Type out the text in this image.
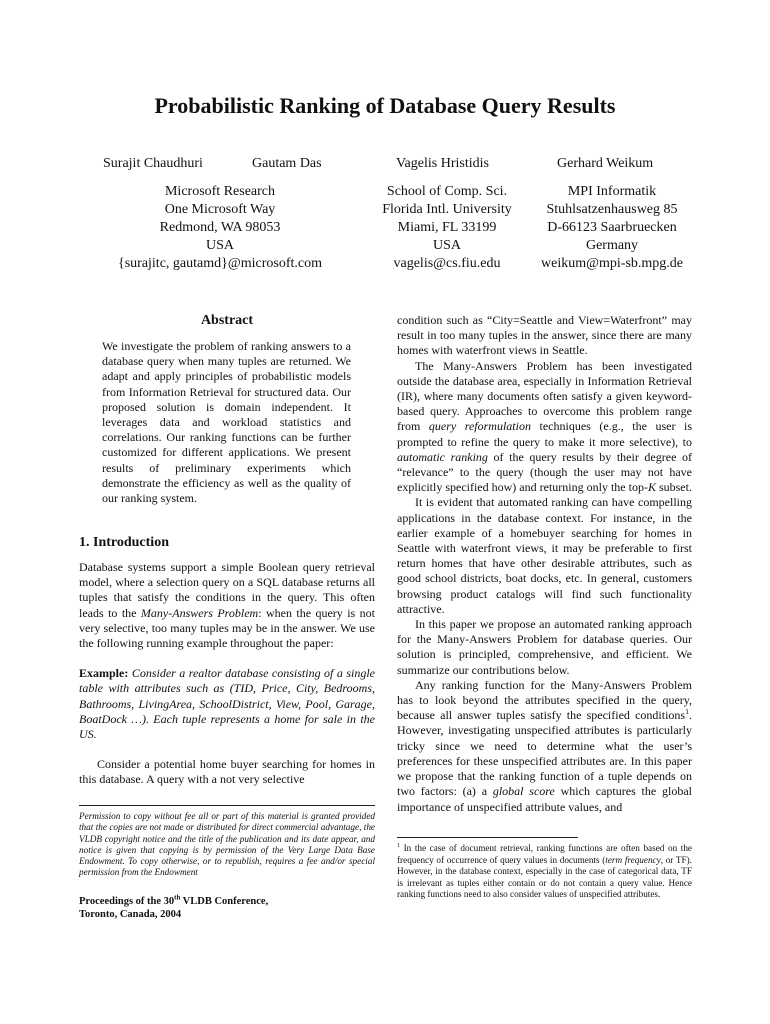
Probabilistic Ranking of Database Query Results
Surajit Chaudhuri	Gautam Das	Vagelis Hristidis	Gerhard Weikum
Microsoft Research
One Microsoft Way
Redmond, WA 98053
USA
{surajitc, gautamd}@microsoft.com
School of Comp. Sci.
Florida Intl. University
Miami, FL 33199
USA
vagelis@cs.fiu.edu
MPI Informatik
Stuhlsatzenhausweg 85
D-66123 Saarbruecken
Germany
weikum@mpi-sb.mpg.de
Abstract
We investigate the problem of ranking answers to a database query when many tuples are returned. We adapt and apply principles of probabilistic models from Information Retrieval for structured data. Our proposed solution is domain independent. It leverages data and workload statistics and correlations. Our ranking functions can be further customized for different applications. We present results of preliminary experiments which demonstrate the efficiency as well as the quality of our ranking system.
1. Introduction

Database systems support a simple Boolean query retrieval model, where a selection query on a SQL database returns all tuples that satisfy the conditions in the query. This often leads to the Many-Answers Problem: when the query is not very selective, too many tuples may be in the answer. We use the following running example throughout the paper:

Example: Consider a realtor database consisting of a single table with attributes such as (TID, Price, City, Bedrooms, Bathrooms, LivingArea, SchoolDistrict, View, Pool, Garage, BoatDock …). Each tuple represents a home for sale in the US.

Consider a potential home buyer searching for homes in this database. A query with a not very selective

Permission to copy without fee all or part of this material is granted provided that the copies are not made or distributed for direct commercial advantage, the VLDB copyright notice and the title of the publication and its date appear, and notice is given that copying is by permission of the Very Large Data Base Endowment. To copy otherwise, or to republish, requires a fee and/or special permission from the Endowment
Proceedings of the 30th VLDB Conference,
Toronto, Canada, 2004

condition such as “City=Seattle and View=Waterfront” may result in too many tuples in the answer, since there are many homes with waterfront views in Seattle.

The Many-Answers Problem has been investigated outside the database area, especially in Information Retrieval (IR), where many documents often satisfy a given keyword-based query. Approaches to overcome this problem range from query reformulation techniques (e.g., the user is prompted to refine the query to make it more selective), to automatic ranking of the query results by their degree of “relevance” to the query (though the user may not have explicitly specified how) and returning only the top-K subset.

It is evident that automated ranking can have compelling applications in the database context. For instance, in the earlier example of a homebuyer searching for homes in Seattle with waterfront views, it may be preferable to first return homes that have other desirable attributes, such as good school districts, boat docks, etc. In general, customers browsing product catalogs will find such functionality attractive.

In this paper we propose an automated ranking approach for the Many-Answers Problem for database queries. Our solution is principled, comprehensive, and efficient. We summarize our contributions below.

Any ranking function for the Many-Answers Problem has to look beyond the attributes specified in the query, because all answer tuples satisfy the specified conditions$^1$. However, investigating unspecified attributes is particularly tricky since we need to determine what the user’s preferences for these unspecified attributes are. In this paper we propose that the ranking function of a tuple depends on two factors: (a) a global score which captures the global importance of unspecified attribute values, and

$^1$ In the case of document retrieval, ranking functions are often based on the frequency of occurrence of query values in documents (term frequency, or TF). However, in the database context, especially in the case of categorical data, TF is irrelevant as tuples either contain or do not contain a query value. Hence ranking functions need to also consider values of unspecified attributes.
